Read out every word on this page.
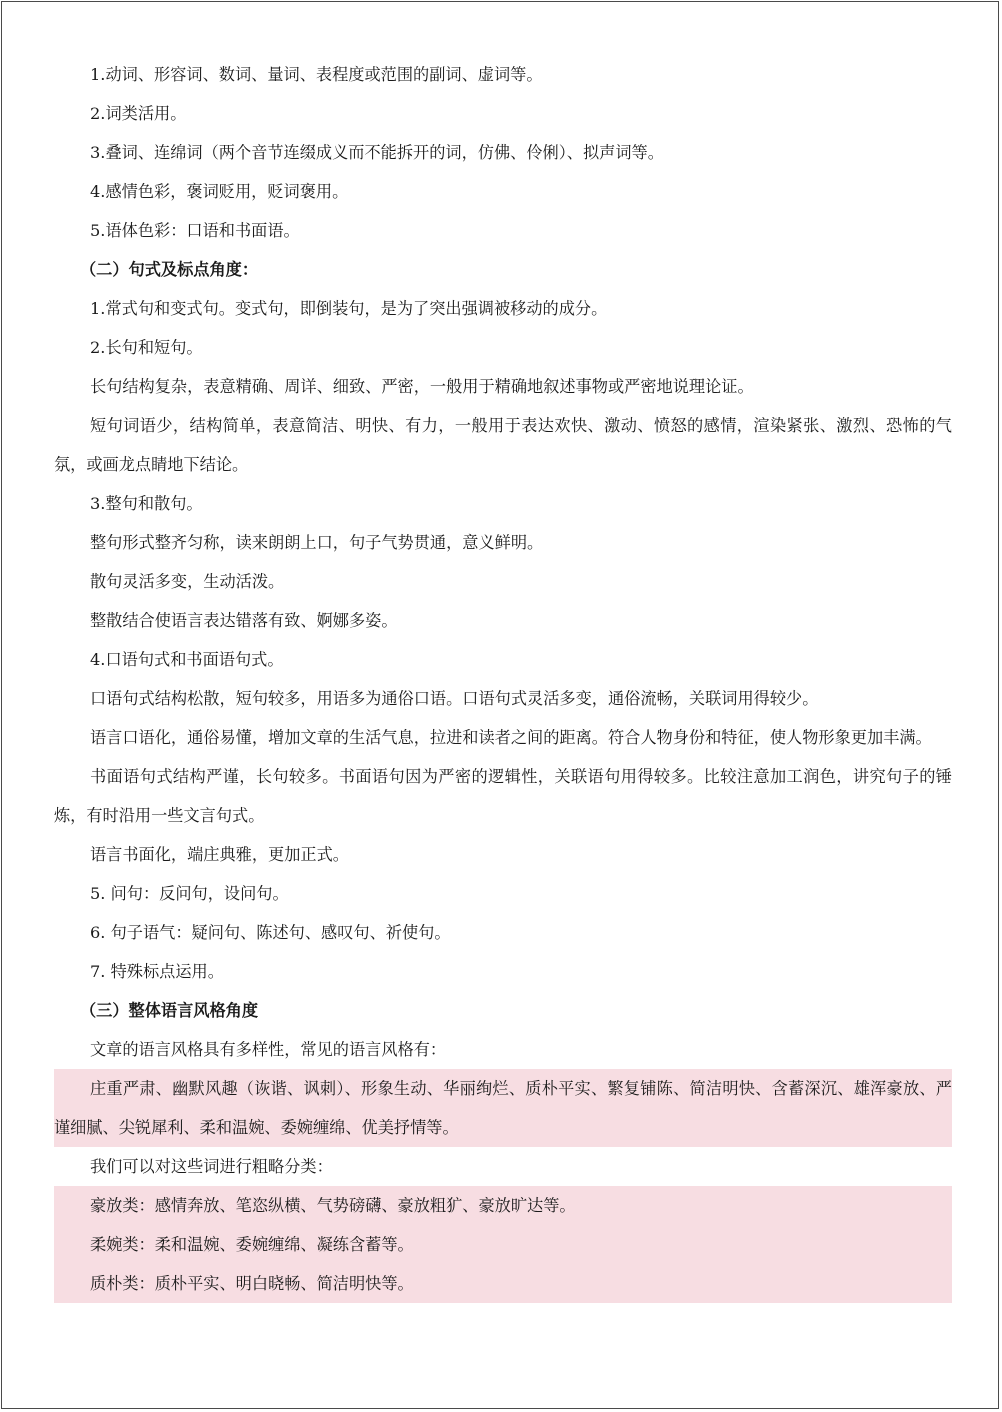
1.动词、形容词、数词、量词、表程度或范围的副词、虚词等。

2.词类活用。

3.叠词、连绵词（两个音节连缀成义而不能拆开的词，仿佛、伶俐）、拟声词等。

4.感情色彩，褒词贬用，贬词褒用。

5.语体色彩：口语和书面语。

（二）句式及标点角度：

1.常式句和变式句。变式句，即倒装句，是为了突出强调被移动的成分。

2.长句和短句。

长句结构复杂，表意精确、周详、细致、严密，一般用于精确地叙述事物或严密地说理论证。

短句词语少，结构简单，表意简洁、明快、有力，一般用于表达欢快、激动、愤怒的感情，渲染紧张、激烈、恐怖的气氛，或画龙点睛地下结论。

3.整句和散句。

整句形式整齐匀称，读来朗朗上口，句子气势贯通，意义鲜明。

散句灵活多变，生动活泼。

整散结合使语言表达错落有致、婀娜多姿。

4.口语句式和书面语句式。

口语句式结构松散，短句较多，用语多为通俗口语。口语句式灵活多变，通俗流畅，关联词用得较少。

语言口语化，通俗易懂，增加文章的生活气息，拉进和读者之间的距离。符合人物身份和特征，使人物形象更加丰满。

书面语句式结构严谨，长句较多。书面语句因为严密的逻辑性，关联语句用得较多。比较注意加工润色，讲究句子的锤炼，有时沿用一些文言句式。

语言书面化，端庄典雅，更加正式。

5. 问句：反问句，设问句。

6. 句子语气：疑问句、陈述句、感叹句、祈使句。

7. 特殊标点运用。

（三）整体语言风格角度

文章的语言风格具有多样性，常见的语言风格有：

庄重严肃、幽默风趣（诙谐、讽刺）、形象生动、华丽绚烂、质朴平实、繁复铺陈、简洁明快、含蓄深沉、雄浑豪放、严谨细腻、尖锐犀利、柔和温婉、委婉缠绵、优美抒情等。

我们可以对这些词进行粗略分类：

豪放类：感情奔放、笔恣纵横、气势磅礴、豪放粗犷、豪放旷达等。

柔婉类：柔和温婉、委婉缠绵、凝练含蓄等。

质朴类：质朴平实、明白晓畅、简洁明快等。
